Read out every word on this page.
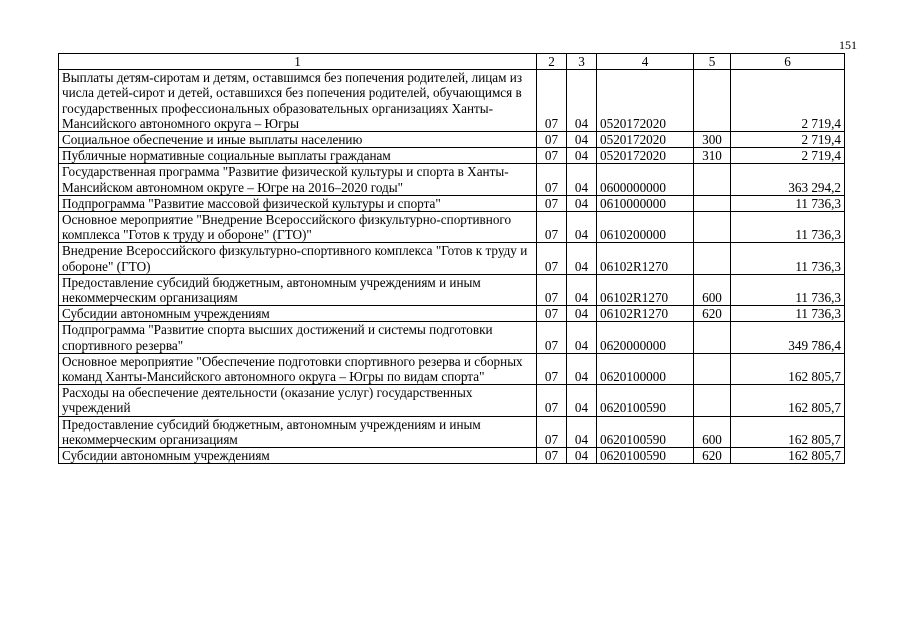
151
1	2	3	4	5	6
Выплаты детям-сиротам и детям, оставшимся без попечения родителей, лицам из числа детей-сирот и детей, оставшихся без попечения родителей, обучающимся в государственных профессиональных образовательных организациях Ханты-Мансийского автономного округа – Югры	07	04	0520172020		2 719,4
Социальное обеспечение и иные выплаты населению	07	04	0520172020	300	2 719,4
Публичные нормативные социальные выплаты гражданам	07	04	0520172020	310	2 719,4
Государственная программа "Развитие физической культуры и спорта в Ханты-Мансийском автономном округе – Югре на 2016–2020 годы"	07	04	0600000000		363 294,2
Подпрограмма "Развитие массовой физической культуры и спорта"	07	04	0610000000		11 736,3
Основное мероприятие "Внедрение Всероссийского физкультурно-спортивного комплекса "Готов к труду и обороне" (ГТО)"	07	04	0610200000		11 736,3
Внедрение Всероссийского физкультурно-спортивного комплекса "Готов к труду и обороне" (ГТО)	07	04	06102R1270		11 736,3
Предоставление субсидий бюджетным, автономным учреждениям и иным некоммерческим организациям	07	04	06102R1270	600	11 736,3
Субсидии автономным учреждениям	07	04	06102R1270	620	11 736,3
Подпрограмма "Развитие спорта высших достижений и системы подготовки спортивного резерва"	07	04	0620000000		349 786,4
Основное мероприятие "Обеспечение подготовки спортивного резерва и сборных команд Ханты-Мансийского автономного округа – Югры по видам спорта"	07	04	0620100000		162 805,7
Расходы на обеспечение деятельности (оказание услуг) государственных учреждений	07	04	0620100590		162 805,7
Предоставление субсидий бюджетным, автономным учреждениям и иным некоммерческим организациям	07	04	0620100590	600	162 805,7
Субсидии автономным учреждениям	07	04	0620100590	620	162 805,7
